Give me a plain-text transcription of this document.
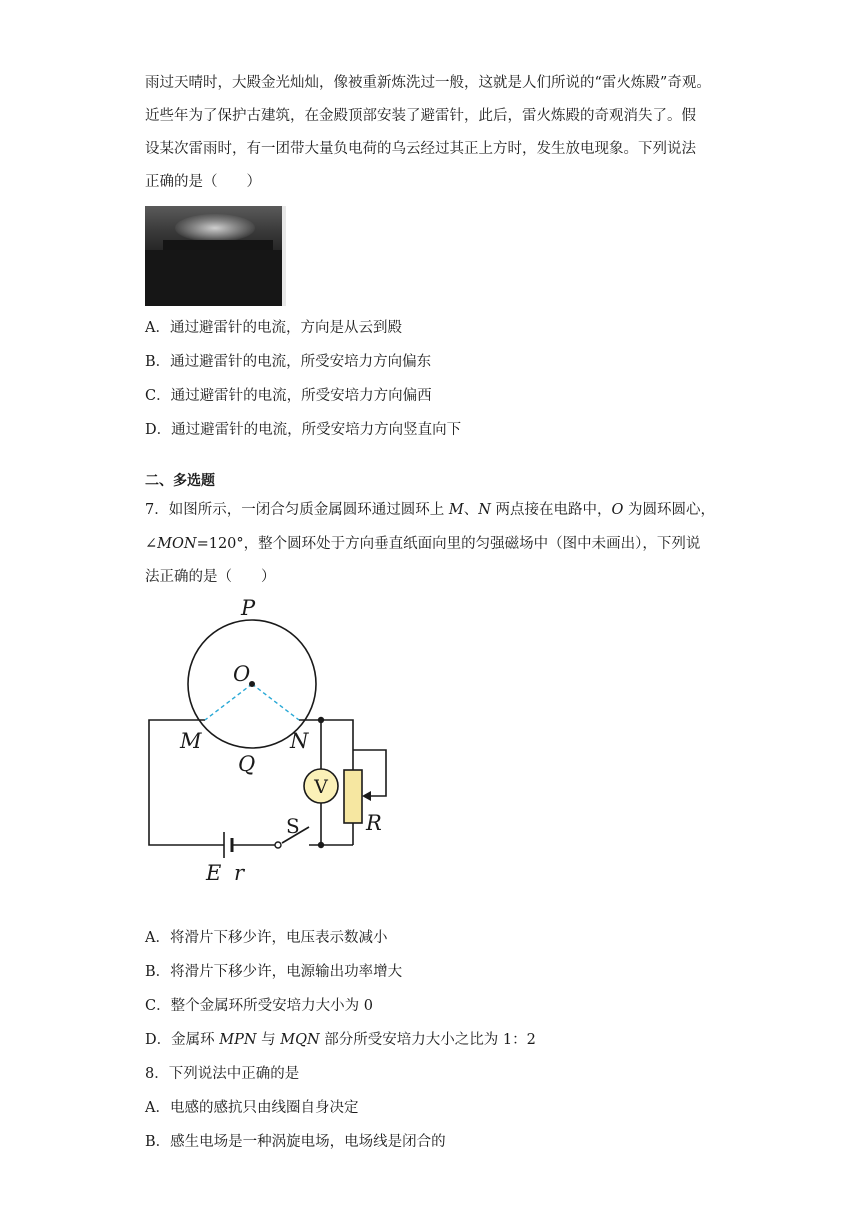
雨过天晴时，大殿金光灿灿，像被重新炼洗过一般，这就是人们所说的“雷火炼殿”奇观。
近些年为了保护古建筑，在金殿顶部安装了避雷针，此后，雷火炼殿的奇观消失了。假
设某次雷雨时，有一团带大量负电荷的乌云经过其正上方时，发生放电现象。下列说法
正确的是（　　）
A．通过避雷针的电流，方向是从云到殿
B．通过避雷针的电流，所受安培力方向偏东
C．通过避雷针的电流，所受安培力方向偏西
D．通过避雷针的电流，所受安培力方向竖直向下
二、多选题
7．如图所示，一闭合匀质金属圆环通过圆环上 M、N 两点接在电路中，O 为圆环圆心，
∠MON=120°，整个圆环处于方向垂直纸面向里的匀强磁场中（图中未画出），下列说
法正确的是（　　）
V
P
O
M	N
Q
R
E r
S
A．将滑片下移少许，电压表示数减小
B．将滑片下移少许，电源输出功率增大
C．整个金属环所受安培力大小为 0
D．金属环 MPN 与 MQN 部分所受安培力大小之比为 1：2
8．下列说法中正确的是
A．电感的感抗只由线圈自身决定
B．感生电场是一种涡旋电场，电场线是闭合的
